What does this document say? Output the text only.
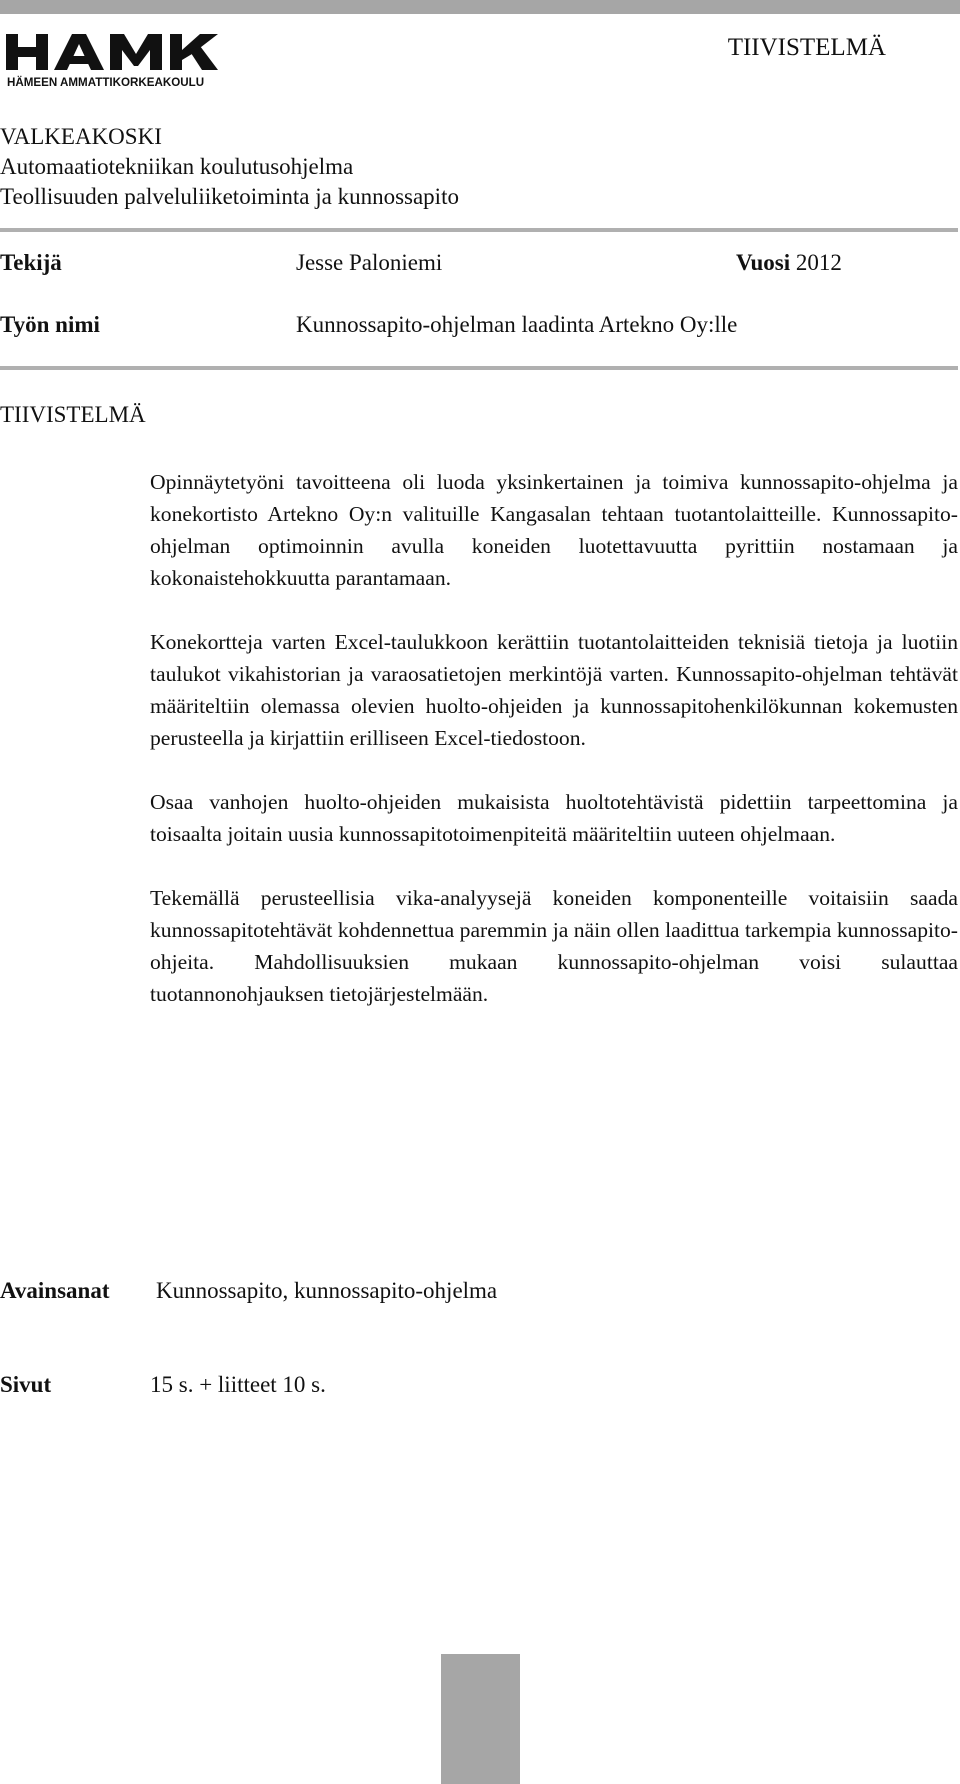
HÄMEEN AMMATTIKORKEAKOULU
TIIVISTELMÄ
VALKEAKOSKI
Automaatiotekniikan koulutusohjelma
Teollisuuden palveluliiketoiminta ja kunnossapito
Tekijä	Jesse Paloniemi	Vuosi 2012
Työn nimi	Kunnossapito-ohjelman laadinta Artekno Oy:lle
TIIVISTELMÄ

Opinnäytetyöni tavoitteena oli luoda yksinkertainen ja toimiva kunnossapito-ohjelma ja konekortisto Artekno Oy:n valituille Kangasalan tehtaan tuotantolaitteille. Kunnossapito-ohjelman optimoinnin avulla koneiden luotettavuutta pyrittiin nostamaan ja kokonaistehokkuutta parantamaan.

Konekortteja varten Excel-taulukkoon kerättiin tuotantolaitteiden teknisiä tietoja ja luotiin taulukot vikahistorian ja varaosatietojen merkintöjä varten. Kunnossapito-ohjelman tehtävät määriteltiin olemassa olevien huolto-ohjeiden ja kunnossapitohenkilökunnan kokemusten perusteella ja kirjattiin erilliseen Excel-tiedostoon.

Osaa vanhojen huolto-ohjeiden mukaisista huoltotehtävistä pidettiin tarpeettomina ja toisaalta joitain uusia kunnossapitotoimenpiteitä määriteltiin uuteen ohjelmaan.

Tekemällä perusteellisia vika-analyysejä koneiden komponenteille voitaisiin saada kunnossapitotehtävät kohdennettua paremmin ja näin ollen laadittua tarkempia kunnossapito-ohjeita. Mahdollisuuksien mukaan kunnossapito-ohjelman voisi sulauttaa tuotannonohjauksen tietojärjestelmään.

Avainsanat Kunnossapito, kunnossapito-ohjelma
Sivut	15 s. + liitteet 10 s.
